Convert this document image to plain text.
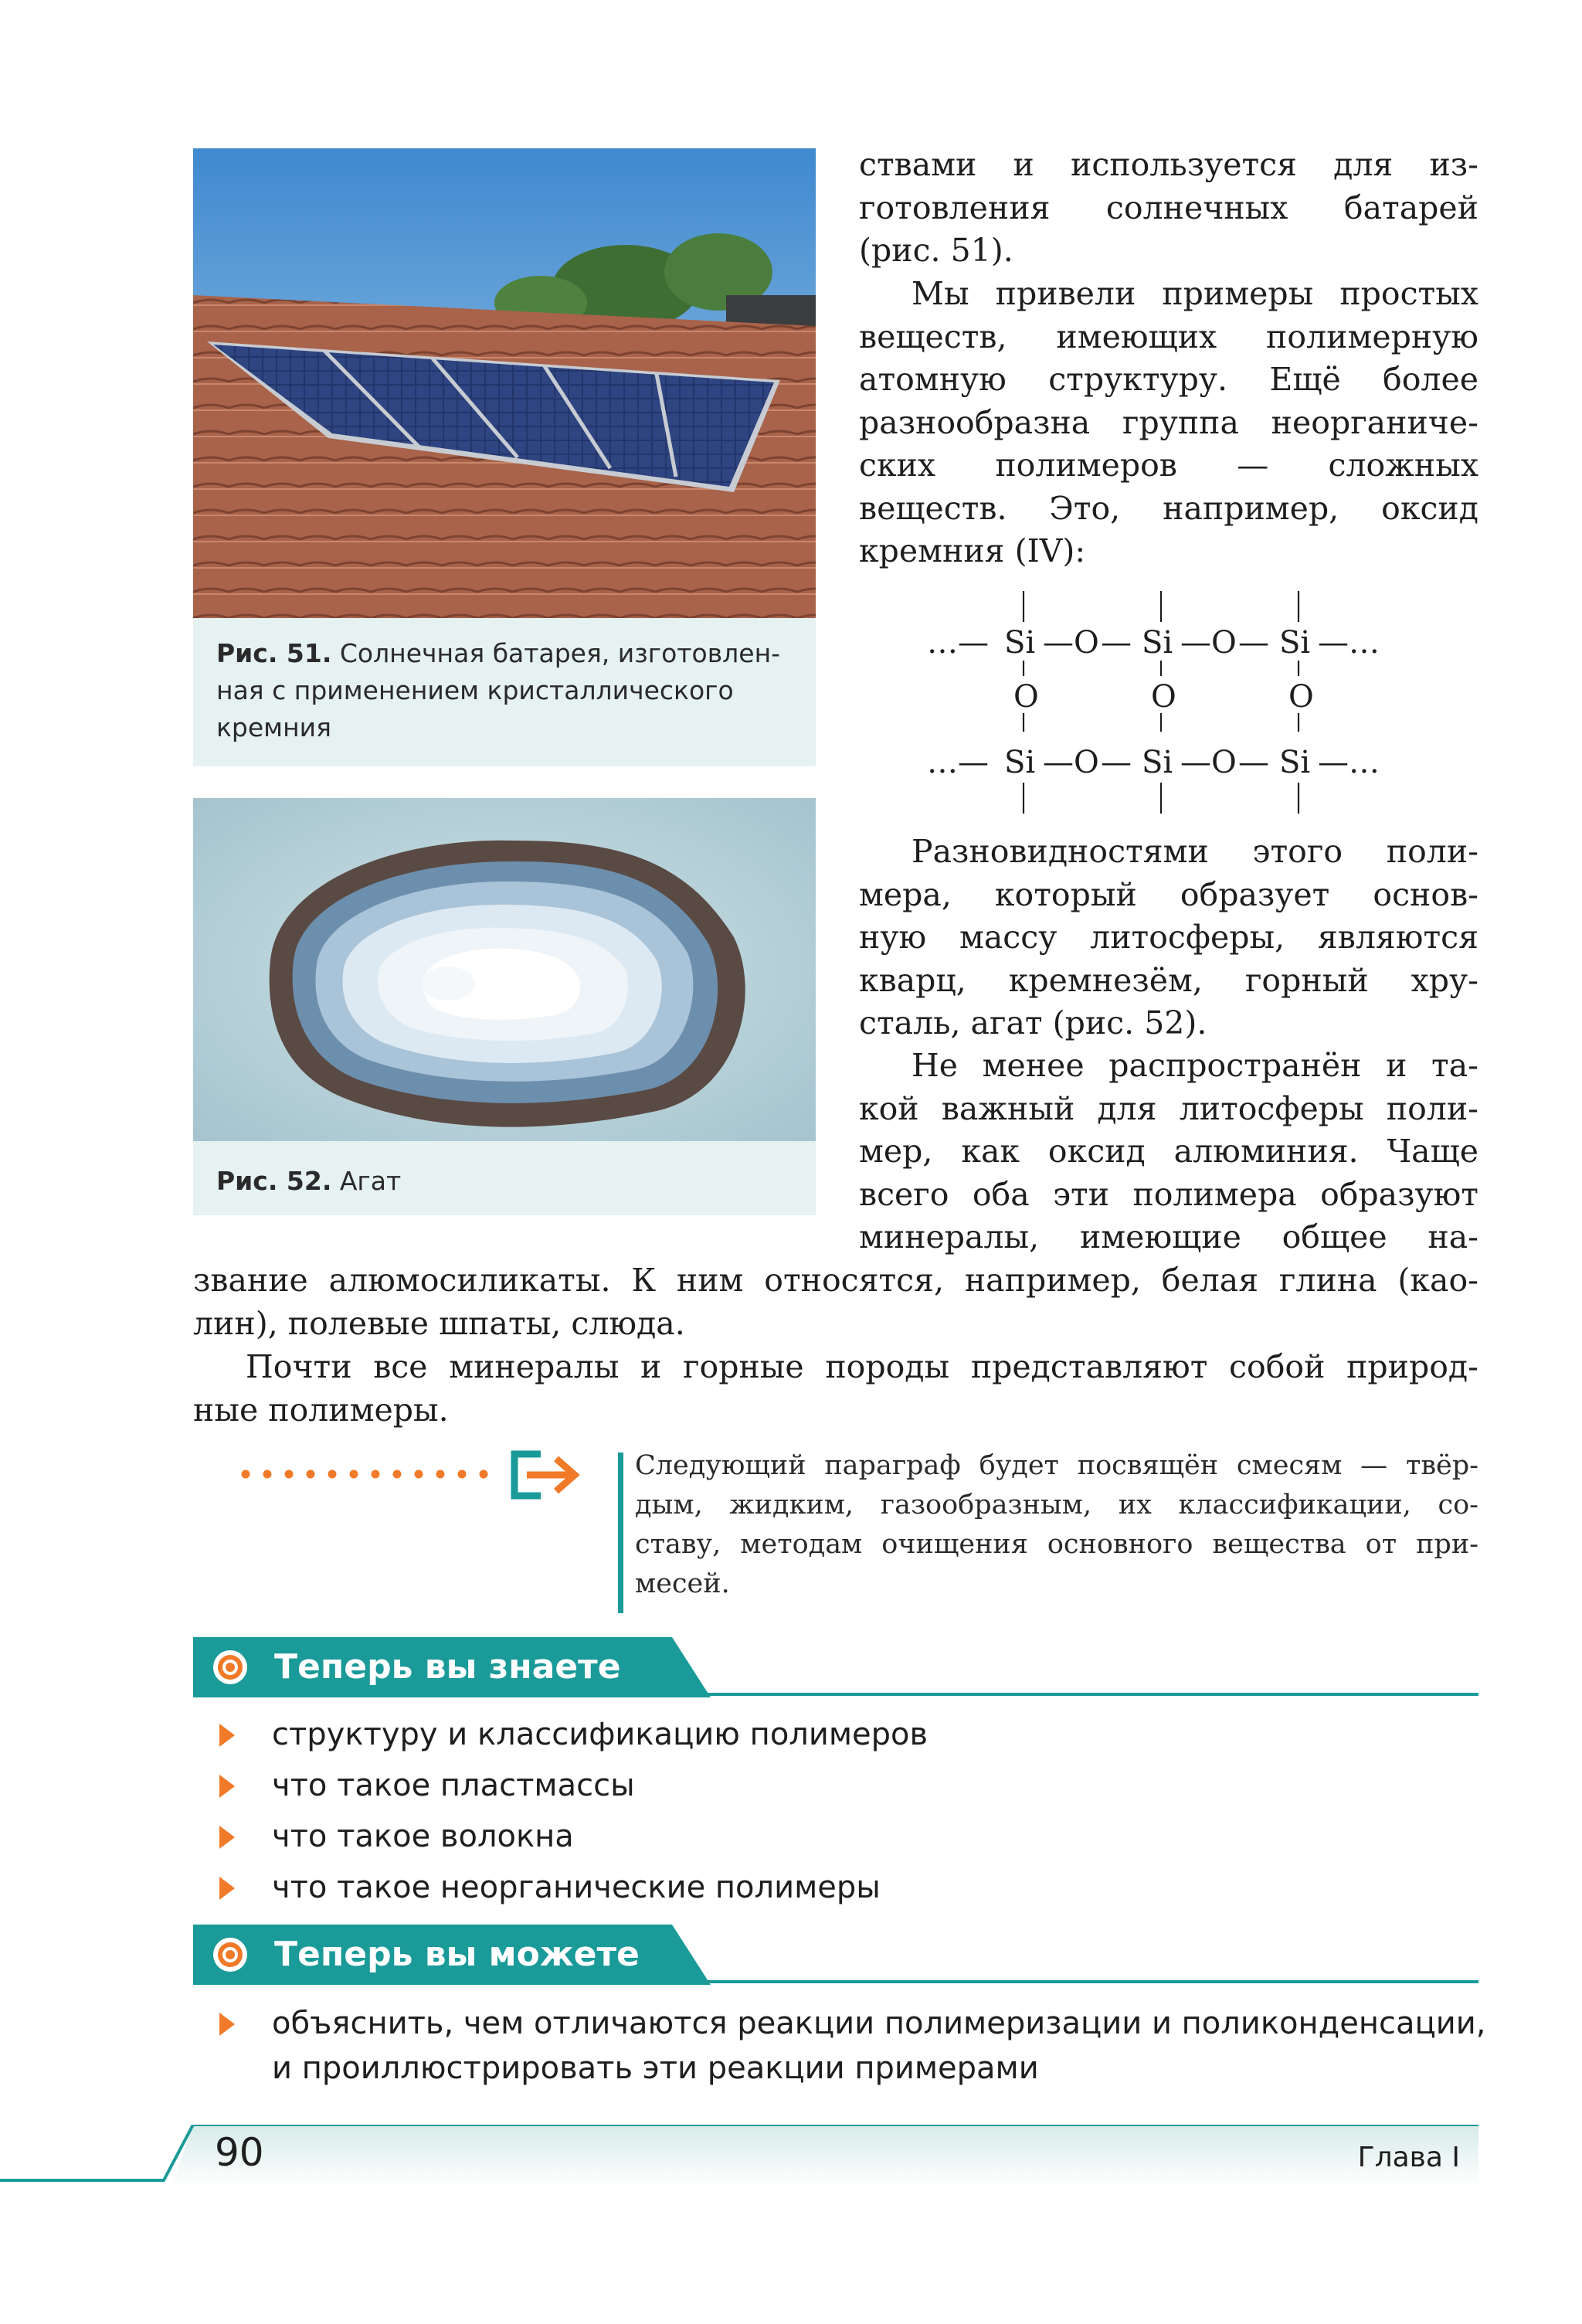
Рис. 51. Солнечная батарея, изготовлен-
ная с применением кристаллического
кремния
Рис. 52. Агат

ствами и используется для из-

готовления солнечных батарей

(рис. 51).

Мы привели примеры простых

веществ, имеющих полимерную

атомную структуру. Ещё более

разнообразна группа неорганиче-

ских полимеров — сложных

веществ. Это, например, оксид

кремния (IV):

…— Si — O — Si — O — Si —…
O	O	O
…— Si — O — Si — O — Si —…

Разновидностями этого поли-

мера, который образует основ-

ную массу литосферы, являются

кварц, кремнезём, горный хру-

сталь, агат (рис. 52).

Не менее распространён и та-

кой важный для литосферы поли-

мер, как оксид алюминия. Чаще

всего оба эти полимера образуют

минералы, имеющие общее на-

звание алюмосиликаты. К ним относятся, например, белая глина (као-

лин), полевые шпаты, слюда.

Почти все минералы и горные породы представляют собой природ-

ные полимеры.

Следующий параграф будет посвящён смесям — твёр-
дым, жидким, газообразным, их классификации, со-
ставу, методам очищения основного вещества от при-
месей.
Теперь вы знаете
структуру и классификацию полимеров
что такое пластмассы
что такое волокна
что такое неорганические полимеры
Теперь вы можете
объяснить, чем отличаются реакции полимеризации и поликонденсации,
и проиллюстрировать эти реакции примерами
90	Глава I
